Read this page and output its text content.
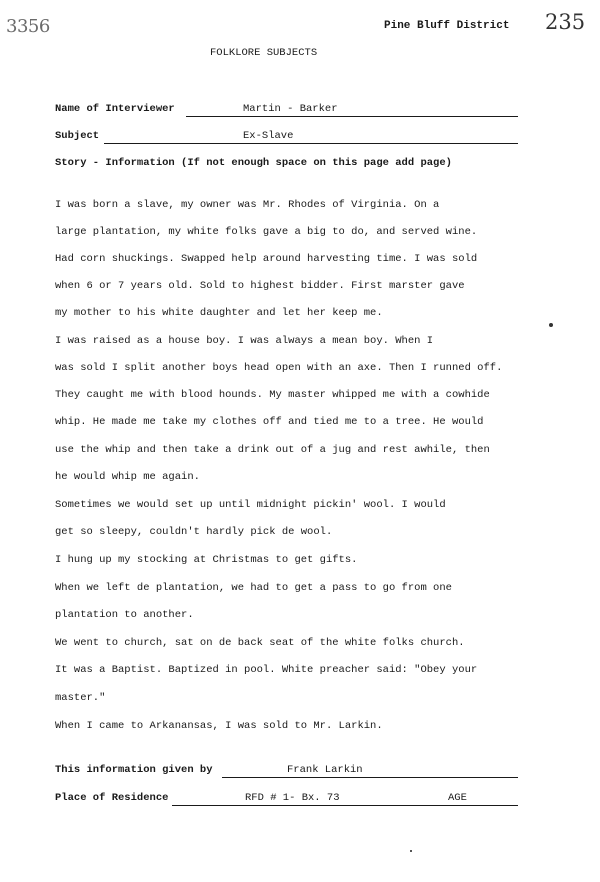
3356	Pine Bluff District 235
FOLKLORE SUBJECTS
Name of Interviewer	Martin - Barker
Subject	Ex-Slave
Story - Information (If not enough space on this page add page)
I was born a slave, my owner was Mr. Rhodes of Virginia. On a
large plantation, my white folks gave a big to do, and served wine.
Had corn shuckings. Swapped help around harvesting time. I was sold
when 6 or 7 years old. Sold to highest bidder. First marster gave
my mother to his white daughter and let her keep me.
I was raised as a house boy. I was always a mean boy. When I
was sold I split another boys head open with an axe. Then I runned off.
They caught me with blood hounds. My master whipped me with a cowhide
whip. He made me take my clothes off and tied me to a tree. He would
use the whip and then take a drink out of a jug and rest awhile, then
he would whip me again.
Sometimes we would set up until midnight pickin' wool. I would
get so sleepy, couldn't hardly pick de wool.
I hung up my stocking at Christmas to get gifts.
When we left de plantation, we had to get a pass to go from one
plantation to another.
We went to church, sat on de back seat of the white folks church.
It was a Baptist. Baptized in pool. White preacher said: "Obey your
master."
When I came to Arkanansas, I was sold to Mr. Larkin.
This information given by	Frank Larkin
Place of Residence	RFD # 1- Bx. 73	AGE
